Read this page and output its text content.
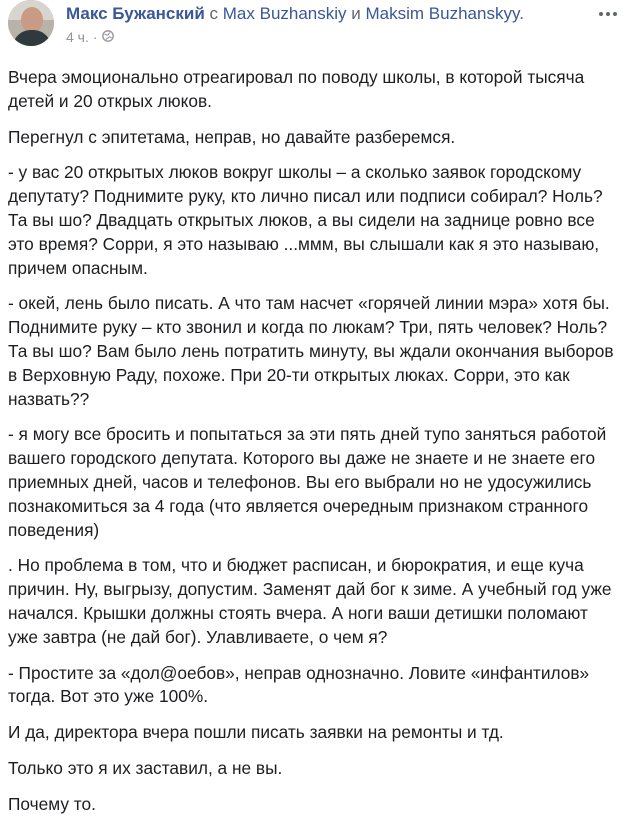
Макс Бужанский с Max Buzhanskiy и Maksim Buzhanskyy.
4 ч. ·

Вчера эмоционально отреагировал по поводу школы, в которой тысяча детей и 20 открых люков.

Перегнул с эпитетама, неправ, но давайте разберемся.

- у вас 20 открытых люков вокруг школы – а сколько заявок городскому депутату? Поднимите руку, кто лично писал или подписи собирал? Ноль? Та вы шо? Двадцать открытых люков, а вы сидели на заднице ровно все это время? Сорри, я это называю ...ммм, вы слышали как я это называю, причем опасным.

- окей, лень было писать. А что там насчет «горячей линии мэра» хотя бы. Поднимите руку – кто звонил и когда по люкам? Три, пять человек? Ноль? Та вы шо? Вам было лень потратить минуту, вы ждали окончания выборов в Верховную Раду, похоже. При 20-ти открытых люках. Сорри, это как назвать??

- я могу все бросить и попытаться за эти пять дней тупо заняться работой вашего городского депутата. Которого вы даже не знаете и не знаете его приемных дней, часов и телефонов. Вы его выбрали но не удосужились познакомиться за 4 года (что является очередным признаком странного поведения)

. Но проблема в том, что и бюджет расписан, и бюрократия, и еще куча причин. Ну, выгрызу, допустим. Заменят дай бог к зиме. А учебный год уже начался. Крышки должны стоять вчера. А ноги ваши детишки поломают уже завтра (не дай бог). Улавливаете, о чем я?

- Простите за «дол@оебов», неправ однозначно. Ловите «инфантилов» тогда. Вот это уже 100%.

И да, директора вчера пошли писать заявки на ремонты и тд.

Только это я их заставил, а не вы.

Почему то.
